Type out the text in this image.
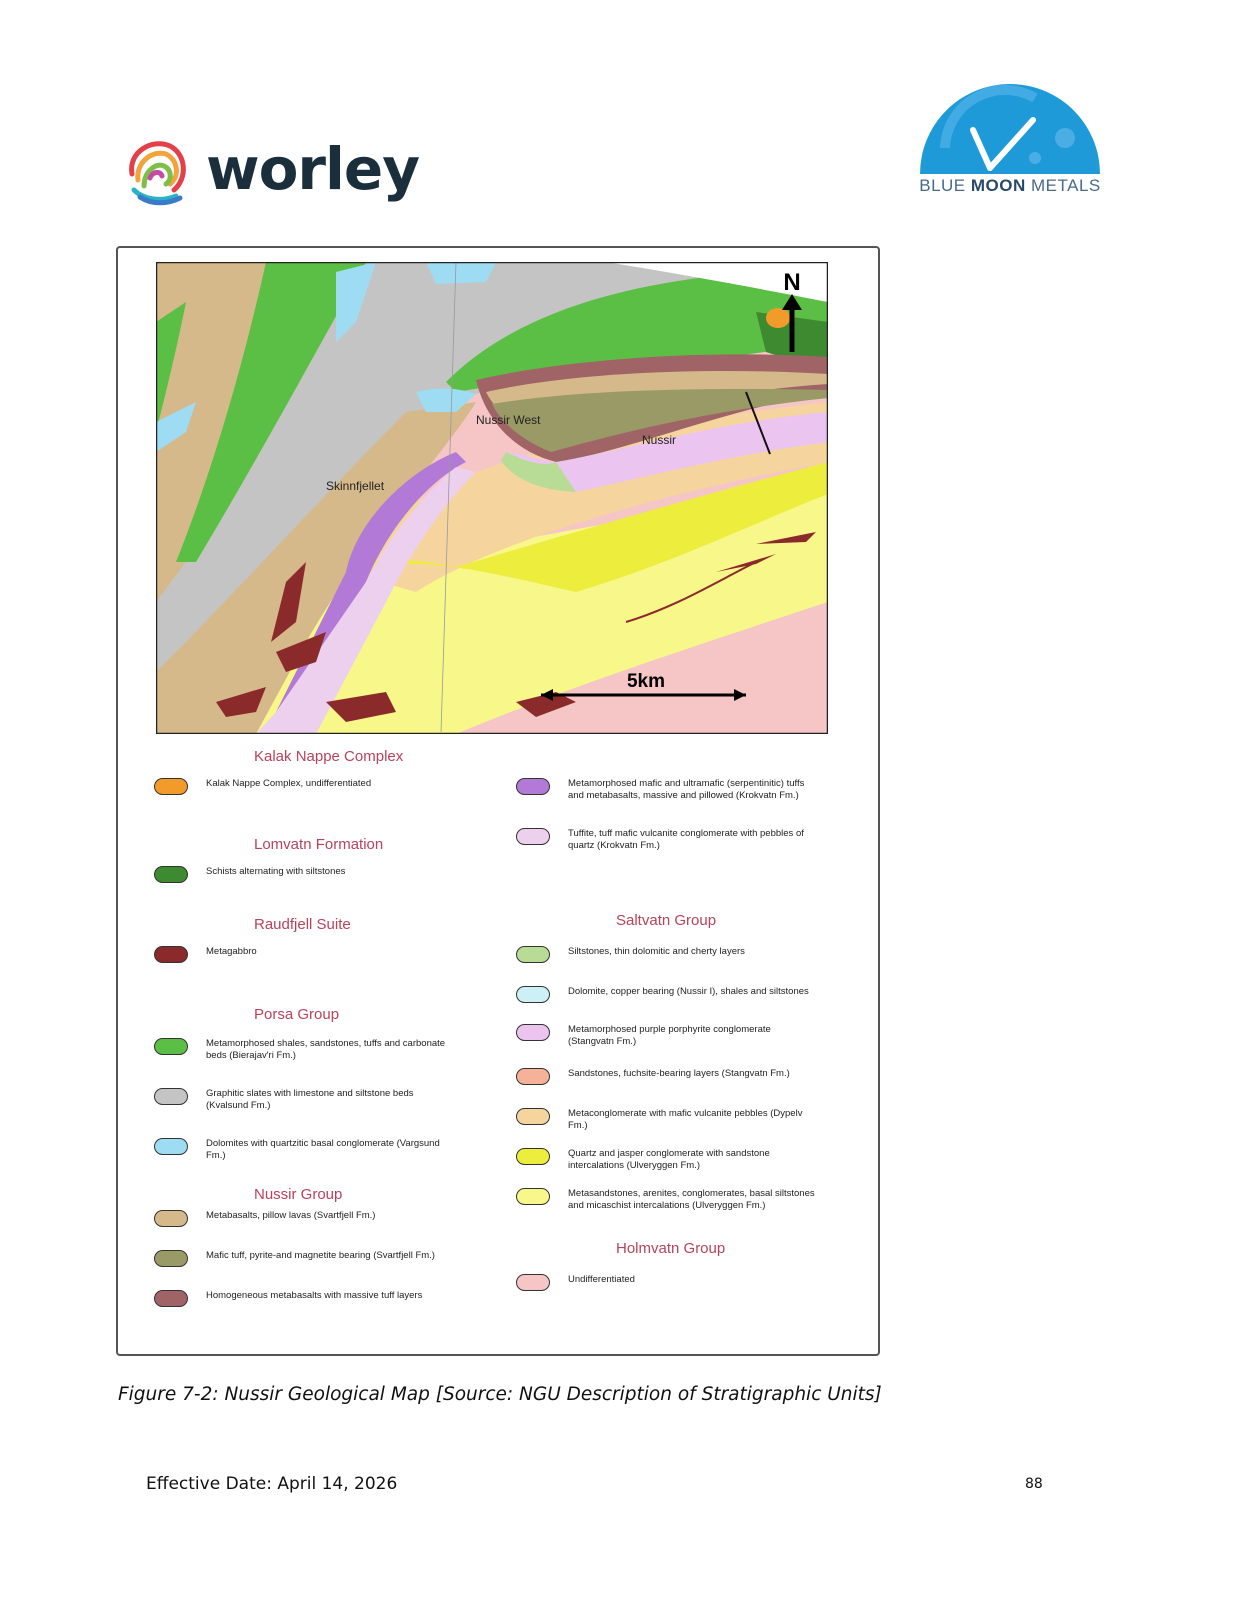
worley	BLUE MOON METALS
N
5km
Nussir West
Nussir
Skinnfjellet
Kalak Nappe Complex
Kalak Nappe Complex, undifferentiated
Lomvatn Formation
Schists alternating with siltstones
Raudfjell Suite
Metagabbro
Porsa Group
Metamorphosed shales, sandstones, tuffs and carbonate beds (Bierajav'ri Fm.)
Graphitic slates with limestone and siltstone beds (Kvalsund Fm.)
Dolomites with quartzitic basal conglomerate (Vargsund Fm.)
Nussir Group
Metabasalts, pillow lavas (Svartfjell Fm.)
Mafic tuff, pyrite-and magnetite bearing (Svartfjell Fm.)
Homogeneous metabasalts with massive tuff layers
Metamorphosed mafic and ultramafic (serpentinitic) tuffs and metabasalts, massive and pillowed (Krokvatn Fm.)
Tuffite, tuff mafic vulcanite conglomerate with pebbles of quartz (Krokvatn Fm.)
Saltvatn Group
Siltstones, thin dolomitic and cherty layers
Dolomite, copper bearing (Nussir I), shales and siltstones
Metamorphosed purple porphyrite conglomerate (Stangvatn Fm.)
Sandstones, fuchsite-bearing layers (Stangvatn Fm.)
Metaconglomerate with mafic vulcanite pebbles (Dypelv Fm.)
Quartz and jasper conglomerate with sandstone intercalations (Ulveryggen Fm.)
Metasandstones, arenites, conglomerates, basal siltstones and micaschist intercalations (Ulveryggen Fm.)
Holmvatn Group
Undifferentiated
Figure 7-2: Nussir Geological Map [Source: NGU Description of Stratigraphic Units]
Effective Date: April 14, 2026	88
